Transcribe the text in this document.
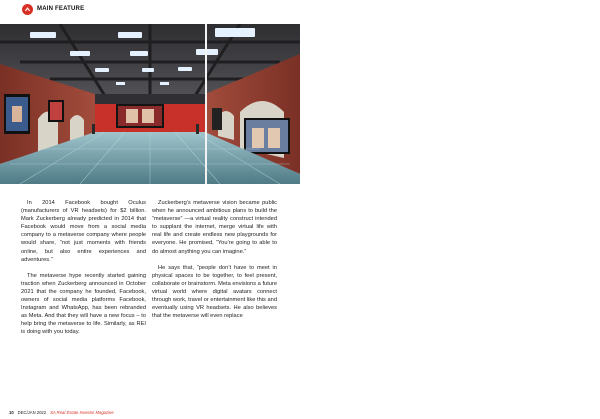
MAIN FEATURE

In 2014 Facebook bought Oculus (manufacturers of VR headsets) for $2 billion. Mark Zuckerberg already predicted in 2014 that Facebook would move from a social media company to a metaverse company where people would share, “not just moments with friends online, but also entire experiences and adventures.”

The metaverse hype recently started gaining traction when Zuckerberg announced in October 2021 that the company he founded, Facebook, owners of social media platforms Facebook, Instagram and WhatsApp, has been rebranded as Meta. And that they will have a new focus – to help bring the metaverse to life. Similarly, as REI is doing with you today.

Zuckerberg’s metaverse vision became public when he announced ambitious plans to build the “metaverse” —a virtual reality construct intended to supplant the internet, merge virtual life with real life and create endless new playgrounds for everyone. He promised, “You’re going to able to do almost anything you can imagine.”

He says that, “people don’t have to meet in physical spaces to be together, to feel present, collaborate or brainstorm. Meta envisions a future virtual world where digital avatars connect through work, travel or entertainment like this and eventually using VR headsets. He also believes that the metaverse will even replace

10 DEC/JAN 2022 SA Real Estate Investor Magazine
